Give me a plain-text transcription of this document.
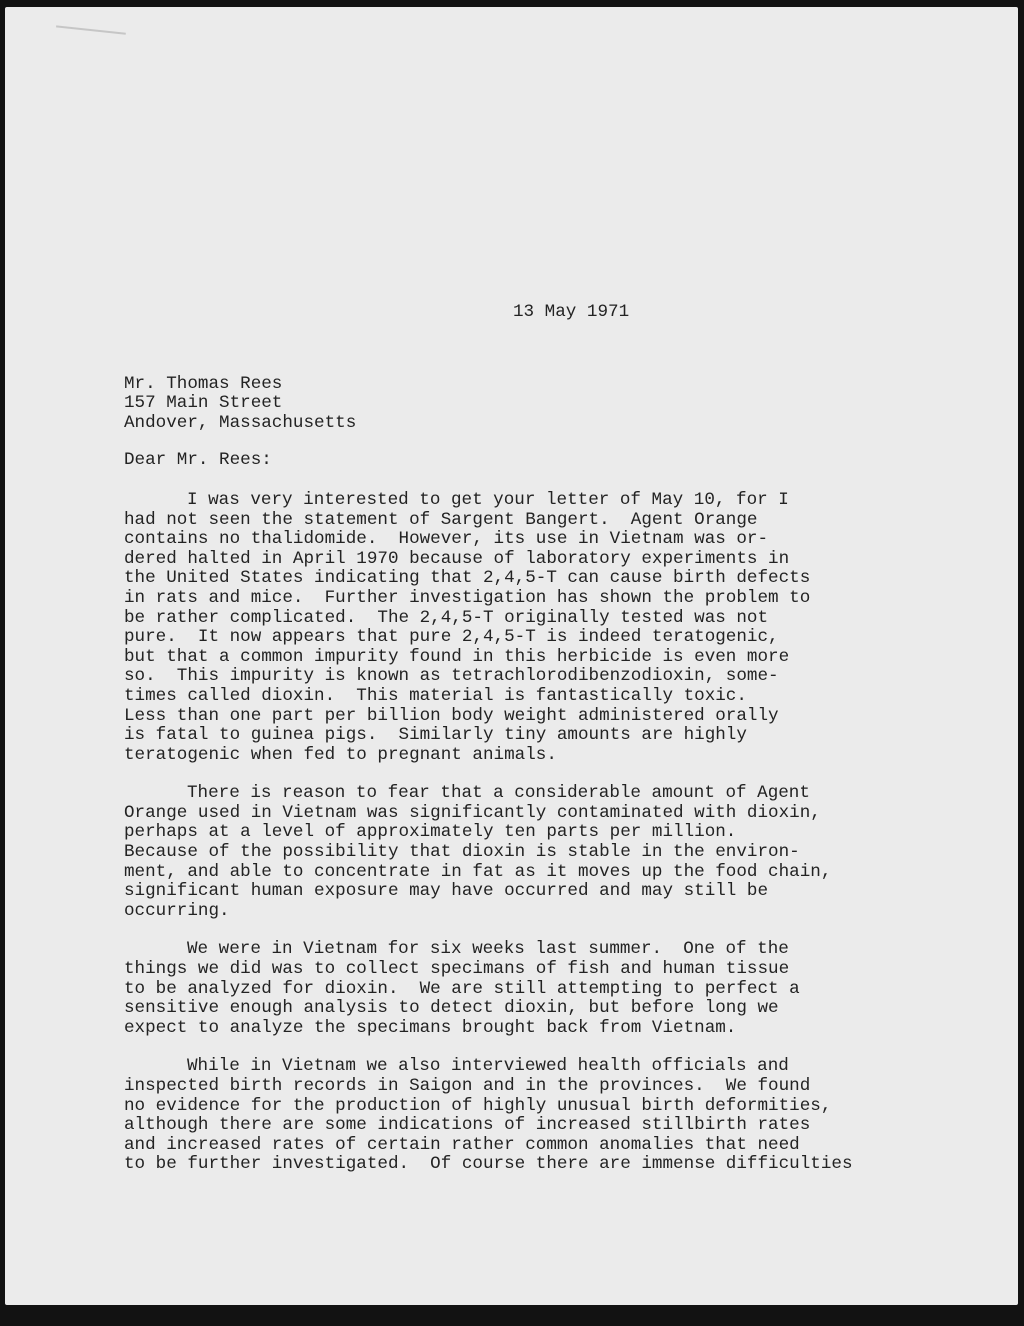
13 May 1971
Mr. Thomas Rees
157 Main Street
Andover, Massachusetts
Dear Mr. Rees:
I was very interested to get your letter of May 10, for I
had not seen the statement of Sargent Bangert.  Agent Orange
contains no thalidomide.  However, its use in Vietnam was or-
dered halted in April 1970 because of laboratory experiments in
the United States indicating that 2,4,5-T can cause birth defects
in rats and mice.  Further investigation has shown the problem to
be rather complicated.  The 2,4,5-T originally tested was not
pure.  It now appears that pure 2,4,5-T is indeed teratogenic,
but that a common impurity found in this herbicide is even more
so.  This impurity is known as tetrachlorodibenzodioxin, some-
times called dioxin.  This material is fantastically toxic.
Less than one part per billion body weight administered orally
is fatal to guinea pigs.  Similarly tiny amounts are highly
teratogenic when fed to pregnant animals.
There is reason to fear that a considerable amount of Agent
Orange used in Vietnam was significantly contaminated with dioxin,
perhaps at a level of approximately ten parts per million.
Because of the possibility that dioxin is stable in the environ-
ment, and able to concentrate in fat as it moves up the food chain,
significant human exposure may have occurred and may still be
occurring.
We were in Vietnam for six weeks last summer.  One of the
things we did was to collect specimans of fish and human tissue
to be analyzed for dioxin.  We are still attempting to perfect a
sensitive enough analysis to detect dioxin, but before long we
expect to analyze the specimans brought back from Vietnam.
While in Vietnam we also interviewed health officials and
inspected birth records in Saigon and in the provinces.  We found
no evidence for the production of highly unusual birth deformities,
although there are some indications of increased stillbirth rates
and increased rates of certain rather common anomalies that need
to be further investigated.  Of course there are immense difficulties
